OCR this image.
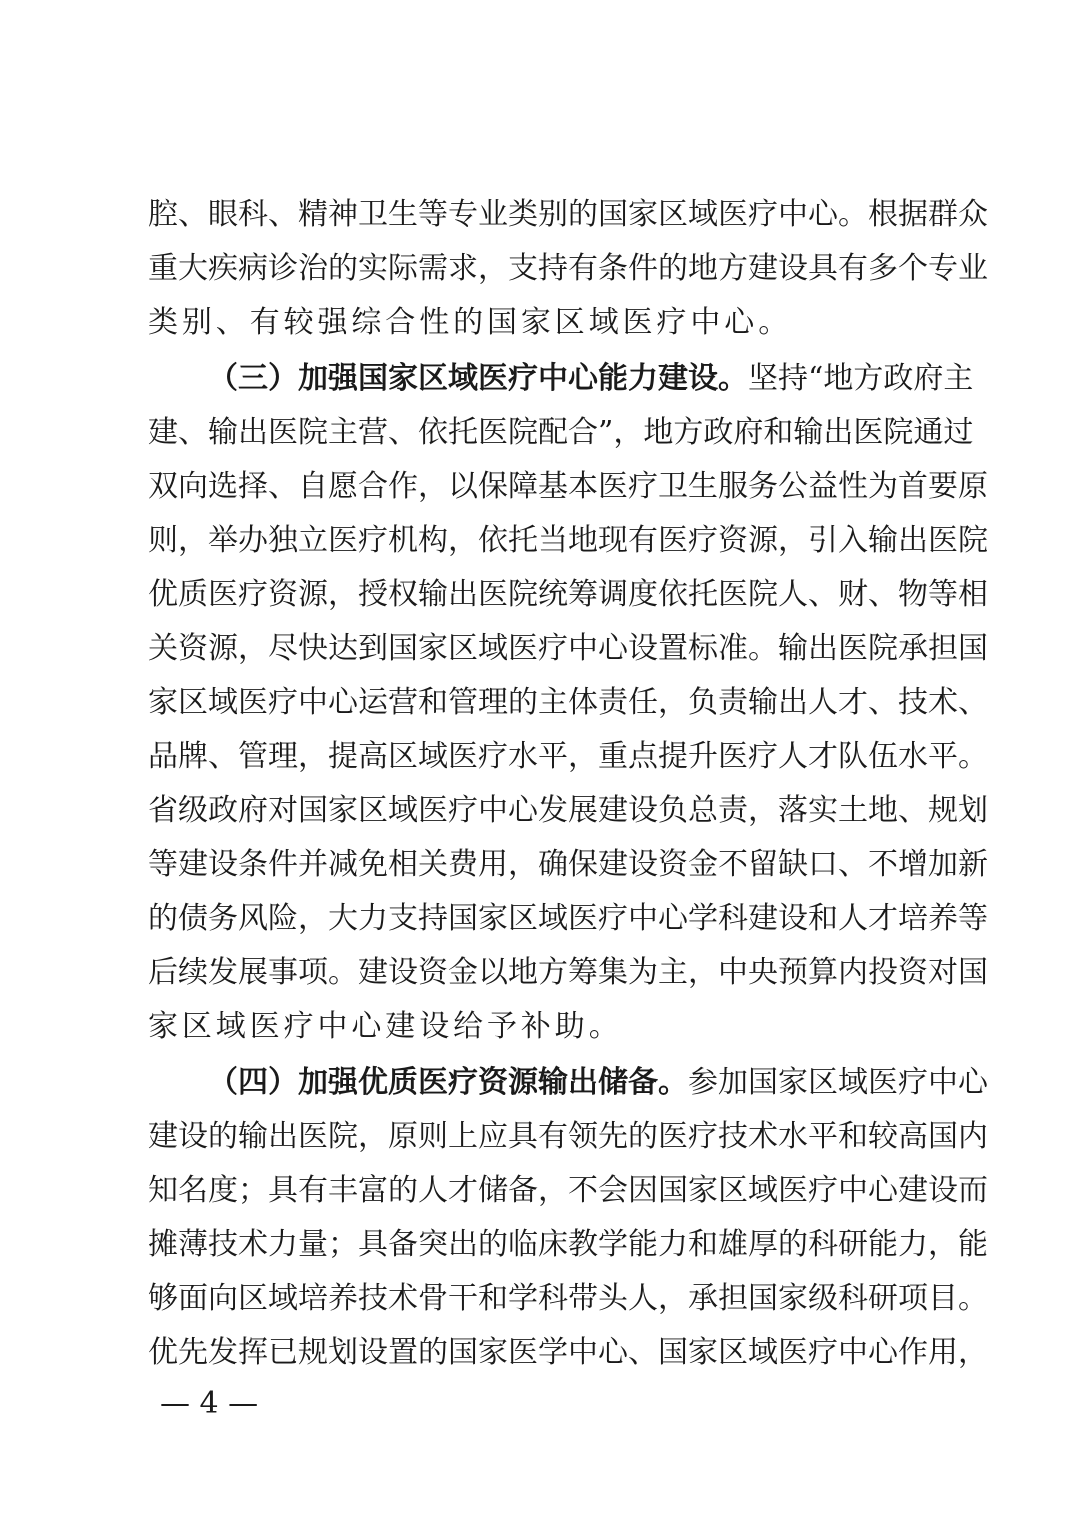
腔、眼科、精神卫生等专业类别的国家区域医疗中心。根据群众
重大疾病诊治的实际需求，支持有条件的地方建设具有多个专业
类别、有较强综合性的国家区域医疗中心。
（三）加强国家区域医疗中心能力建设。坚持“地方政府主
建、输出医院主营、依托医院配合”，地方政府和输出医院通过
双向选择、自愿合作，以保障基本医疗卫生服务公益性为首要原
则，举办独立医疗机构，依托当地现有医疗资源，引入输出医院
优质医疗资源，授权输出医院统筹调度依托医院人、财、物等相
关资源，尽快达到国家区域医疗中心设置标准。输出医院承担国
家区域医疗中心运营和管理的主体责任，负责输出人才、技术、
品牌、管理，提高区域医疗水平，重点提升医疗人才队伍水平。
省级政府对国家区域医疗中心发展建设负总责，落实土地、规划
等建设条件并减免相关费用，确保建设资金不留缺口、不增加新
的债务风险，大力支持国家区域医疗中心学科建设和人才培养等
后续发展事项。建设资金以地方筹集为主，中央预算内投资对国
家区域医疗中心建设给予补助。
（四）加强优质医疗资源输出储备。参加国家区域医疗中心
建设的输出医院，原则上应具有领先的医疗技术水平和较高国内
知名度；具有丰富的人才储备，不会因国家区域医疗中心建设而
摊薄技术力量；具备突出的临床教学能力和雄厚的科研能力，能
够面向区域培养技术骨干和学科带头人，承担国家级科研项目。
优先发挥已规划设置的国家医学中心、国家区域医疗中心作用，
— 4 —
